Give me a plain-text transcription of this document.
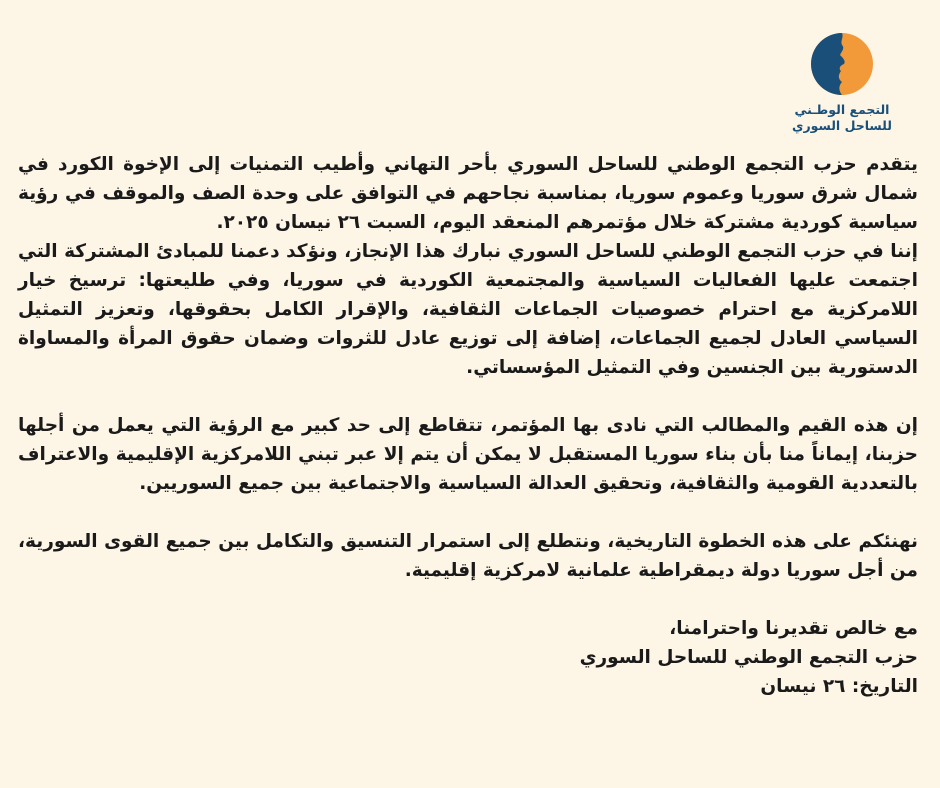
التجمع الوطـني
للساحل السوري

يتقدم حزب التجمع الوطني للساحل السوري بأحر التهاني وأطيب التمنيات إلى الإخوة الكورد في شمال شرق سوريا وعموم سوريا، بمناسبة نجاحهم في التوافق على وحدة الصف والموقف في رؤية سياسية كوردية مشتركة خلال مؤتمرهم المنعقد اليوم، السبت ٢٦ نيسان ٢٠٢٥.

إننا في حزب التجمع الوطني للساحل السوري نبارك هذا الإنجاز، ونؤكد دعمنا للمبادئ المشتركة التي اجتمعت عليها الفعاليات السياسية والمجتمعية الكوردية في سوريا، وفي طليعتها: ترسيخ خيار اللامركزية مع احترام خصوصيات الجماعات الثقافية، والإقرار الكامل بحقوقها، وتعزيز التمثيل السياسي العادل لجميع الجماعات، إضافة إلى توزيع عادل للثروات وضمان حقوق المرأة والمساواة الدستورية بين الجنسين وفي التمثيل المؤسساتي.

إن هذه القيم والمطالب التي نادى بها المؤتمر، تتقاطع إلى حد كبير مع الرؤية التي يعمل من أجلها حزبنا، إيماناً منا بأن بناء سوريا المستقبل لا يمكن أن يتم إلا عبر تبني اللامركزية الإقليمية والاعتراف بالتعددية القومية والثقافية، وتحقيق العدالة السياسية والاجتماعية بين جميع السوريين.

نهنئكم على هذه الخطوة التاريخية، ونتطلع إلى استمرار التنسيق والتكامل بين جميع القوى السورية، من أجل سوريا دولة ديمقراطية علمانية لامركزية إقليمية.

مع خالص تقديرنا واحترامنا،

حزب التجمع الوطني للساحل السوري

التاريخ: ٢٦ نيسان
